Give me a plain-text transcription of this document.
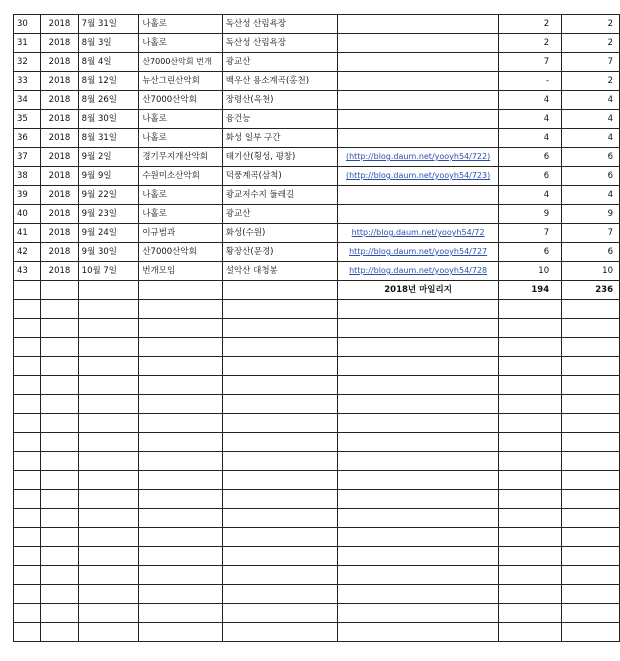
30	2018	7월 31일	나홀로	독산성 산림욕장		2	2
31	2018	8월 3일	나홀로	독산성 산림욕장		2	2
32	2018	8월 4일	산7000산악회 번개	광교산		7	7
33	2018	8월 12일	뉴산그린산악회	백우산 용소계곡(홍천)		-	2
34	2018	8월 26일	산7000산악회	장령산(옥천)		4	4
35	2018	8월 30일	나홀로	융건능		4	4
36	2018	8월 31일	나홀로	화성 일부 구간		4	4
37	2018	9월 2일	경기무지개산악회	태기산(횡성, 평창)	(http://blog.daum.net/yooyh54/722)	6	6
38	2018	9월 9일	수원미소산악회	덕풍계곡(삼척)	(http://blog.daum.net/yooyh54/723)	6	6
39	2018	9월 22일	나홀로	광교저수지 둘레길		4	4
40	2018	9월 23일	나홀로	광교산		9	9
41	2018	9월 24일	이규범과	화성(수원)	http://blog.daum.net/yooyh54/72	7	7
42	2018	9월 30일	산7000산악회	황장산(문경)	http://blog.daum.net/yooyh54/727	6	6
43	2018	10월 7일	번개모임	설악산 대청봉	http://blog.daum.net/yooyh54/728	10	10
					2018년 마일리지	194	236
